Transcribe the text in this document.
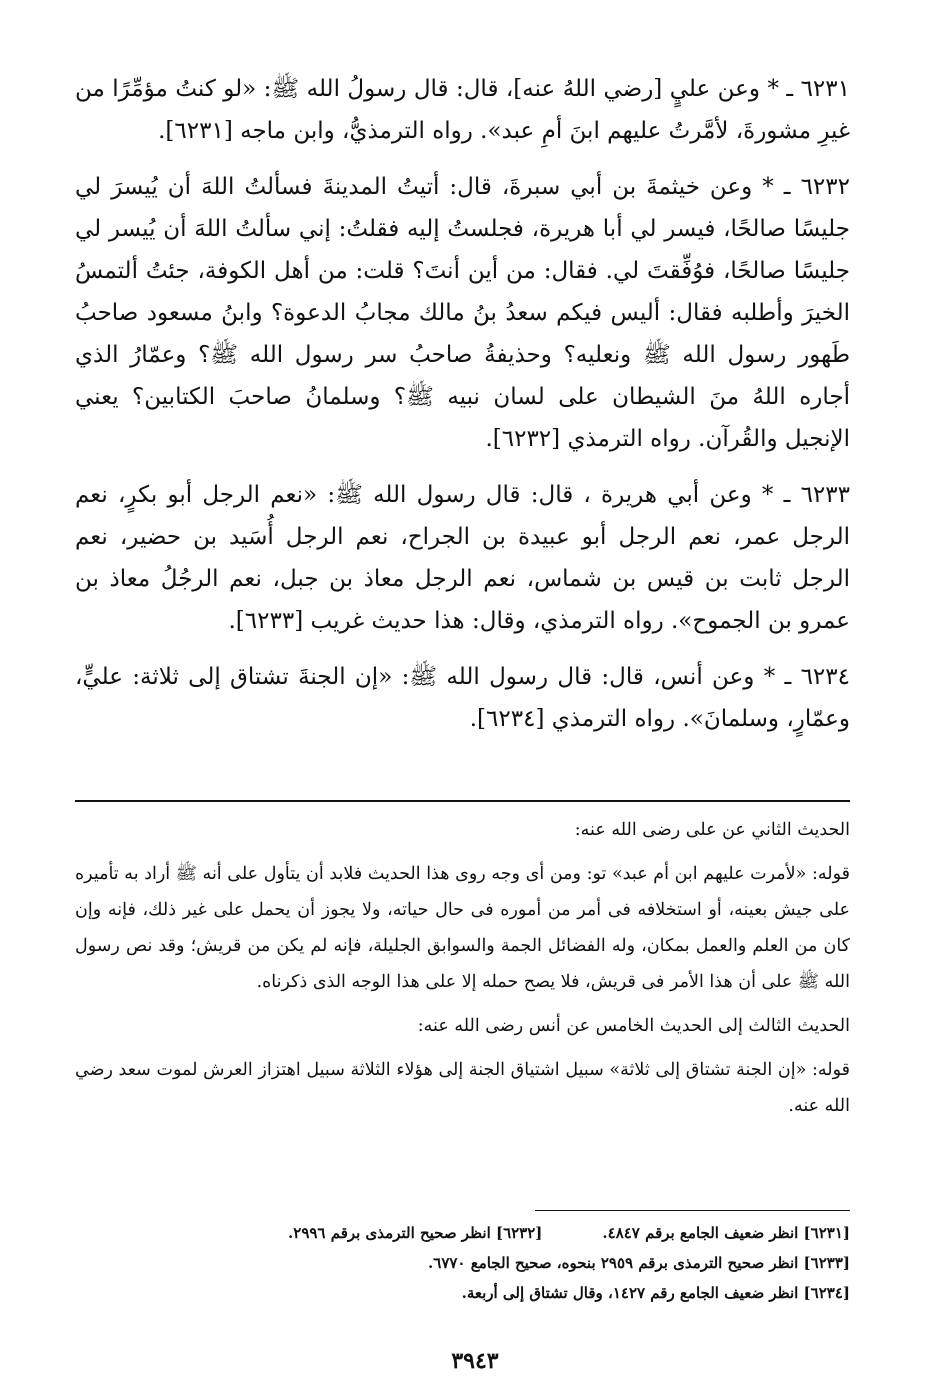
٦٢٣١ ـ * وعن عليٍ [رضي اللهُ عنه]، قال: قال رسولُ الله ﷺ: «لو كنتُ مؤمِّرًا من غيرِ مشورةَ، لأمَّرتُ عليهم ابنَ أمِ عبد». رواه الترمذيُّ، وابن ماجه [٦٢٣١].

٦٢٣٢ ـ * وعن خيثمةَ بن أبي سبرةَ، قال: أتيتُ المدينةَ فسألتُ اللهَ أن يُيسرَ لي جليسًا صالحًا، فيسر لي أبا هريرة، فجلستُ إليه فقلتُ: إني سألتُ اللهَ أن يُيسر لي جليسًا صالحًا، فوُفِّقتَ لي. فقال: من أين أنتَ؟ قلت: من أهل الكوفة، جئتُ ألتمسُ الخيرَ وأطلبه فقال: أليس فيكم سعدُ بنُ مالك مجابُ الدعوة؟ وابنُ مسعود صاحبُ طَهور رسول الله ﷺ ونعليه؟ وحذيفةُ صاحبُ سر رسول الله ﷺ؟ وعمّارُ الذي أجاره اللهُ منَ الشيطان على لسان نبيه ﷺ؟ وسلمانُ صاحبَ الكتابين؟ يعني الإنجيل والقُرآن. رواه الترمذي [٦٢٣٢].

٦٢٣٣ ـ * وعن أبي هريرة ، قال: قال رسول الله ﷺ: «نعم الرجل أبو بكرٍ، نعم الرجل عمر، نعم الرجل أبو عبيدة بن الجراح، نعم الرجل أُسَيد بن حضير، نعم الرجل ثابت بن قيس بن شماس، نعم الرجل معاذ بن جبل، نعم الرجُلُ معاذ بن عمرو بن الجموح». رواه الترمذي، وقال: هذا حديث غريب [٦٢٣٣].

٦٢٣٤ ـ * وعن أنس، قال: قال رسول الله ﷺ: «إن الجنةَ تشتاق إلى ثلاثة: عليٍّ، وعمّارٍ، وسلمانَ». رواه الترمذي [٦٢٣٤].

الحديث الثاني عن على رضى الله عنه:

قوله: «لأمرت عليهم ابن أم عبد» تو: ومن أى وجه روى هذا الحديث فلابد أن يتأول على أنه ﷺ أراد به تأميره على جيش بعينه، أو استخلافه فى أمر من أموره فى حال حياته، ولا يجوز أن يحمل على غير ذلك، فإنه وإن كان من العلم والعمل بمكان، وله الفضائل الجمة والسوابق الجليلة، فإنه لم يكن من قريش؛ وقد نص رسول الله ﷺ على أن هذا الأمر فى قريش، فلا يصح حمله إلا على هذا الوجه الذى ذكرناه.

الحديث الثالث إلى الحديث الخامس عن أنس رضى الله عنه:

قوله: «إن الجنة تشتاق إلى ثلاثة» سبيل اشتياق الجنة إلى هؤلاء الثلاثة سبيل اهتزاز العرش لموت سعد رضي الله عنه.

[٦٢٣١] انظر ضعيف الجامع برقم ٤٨٤٧.
[٦٢٣٢] انظر صحيح الترمذى برقم ٢٩٩٦.
[٦٢٣٣] انظر صحيح الترمذى برقم ٢٩٥٩ بنحوه، صحيح الجامع ٦٧٧٠.
[٦٢٣٤] انظر ضعيف الجامع رقم ١٤٢٧، وقال تشتاق إلى أربعة.
٣٩٤٣
